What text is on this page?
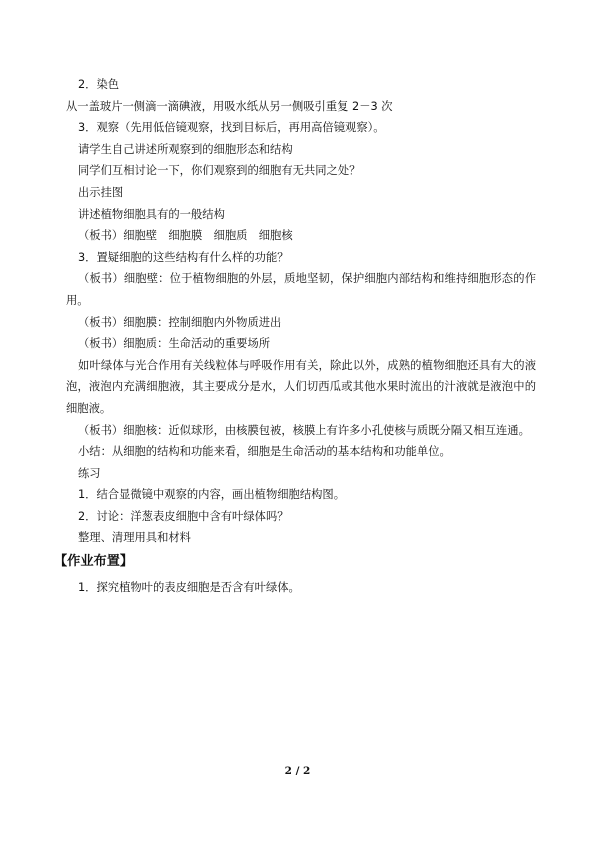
2．染色
从一盖玻片一侧滴一滴碘液，用吸水纸从另一侧吸引重复 2－3 次
3．观察（先用低倍镜观察，找到目标后，再用高倍镜观察）。
请学生自己讲述所观察到的细胞形态和结构
同学们互相讨论一下，你们观察到的细胞有无共同之处？
出示挂图
讲述植物细胞具有的一般结构
（板书）细胞壁　细胞膜　细胞质　细胞核
3．置疑细胞的这些结构有什么样的功能？
（板书）细胞壁：位于植物细胞的外层，质地坚韧，保护细胞内部结构和维持细胞形态的作用。
（板书）细胞膜：控制细胞内外物质进出
（板书）细胞质：生命活动的重要场所
如叶绿体与光合作用有关线粒体与呼吸作用有关，除此以外，成熟的植物细胞还具有大的液泡，液泡内充满细胞液，其主要成分是水，人们切西瓜或其他水果时流出的汁液就是液泡中的细胞液。
（板书）细胞核：近似球形，由核膜包被，核膜上有许多小孔使核与质既分隔又相互连通。
小结：从细胞的结构和功能来看，细胞是生命活动的基本结构和功能单位。
练习
1．结合显微镜中观察的内容，画出植物细胞结构图。
2．讨论：洋葱表皮细胞中含有叶绿体吗？
整理、清理用具和材料
【作业布置】
1．探究植物叶的表皮细胞是否含有叶绿体。
2 / 2
